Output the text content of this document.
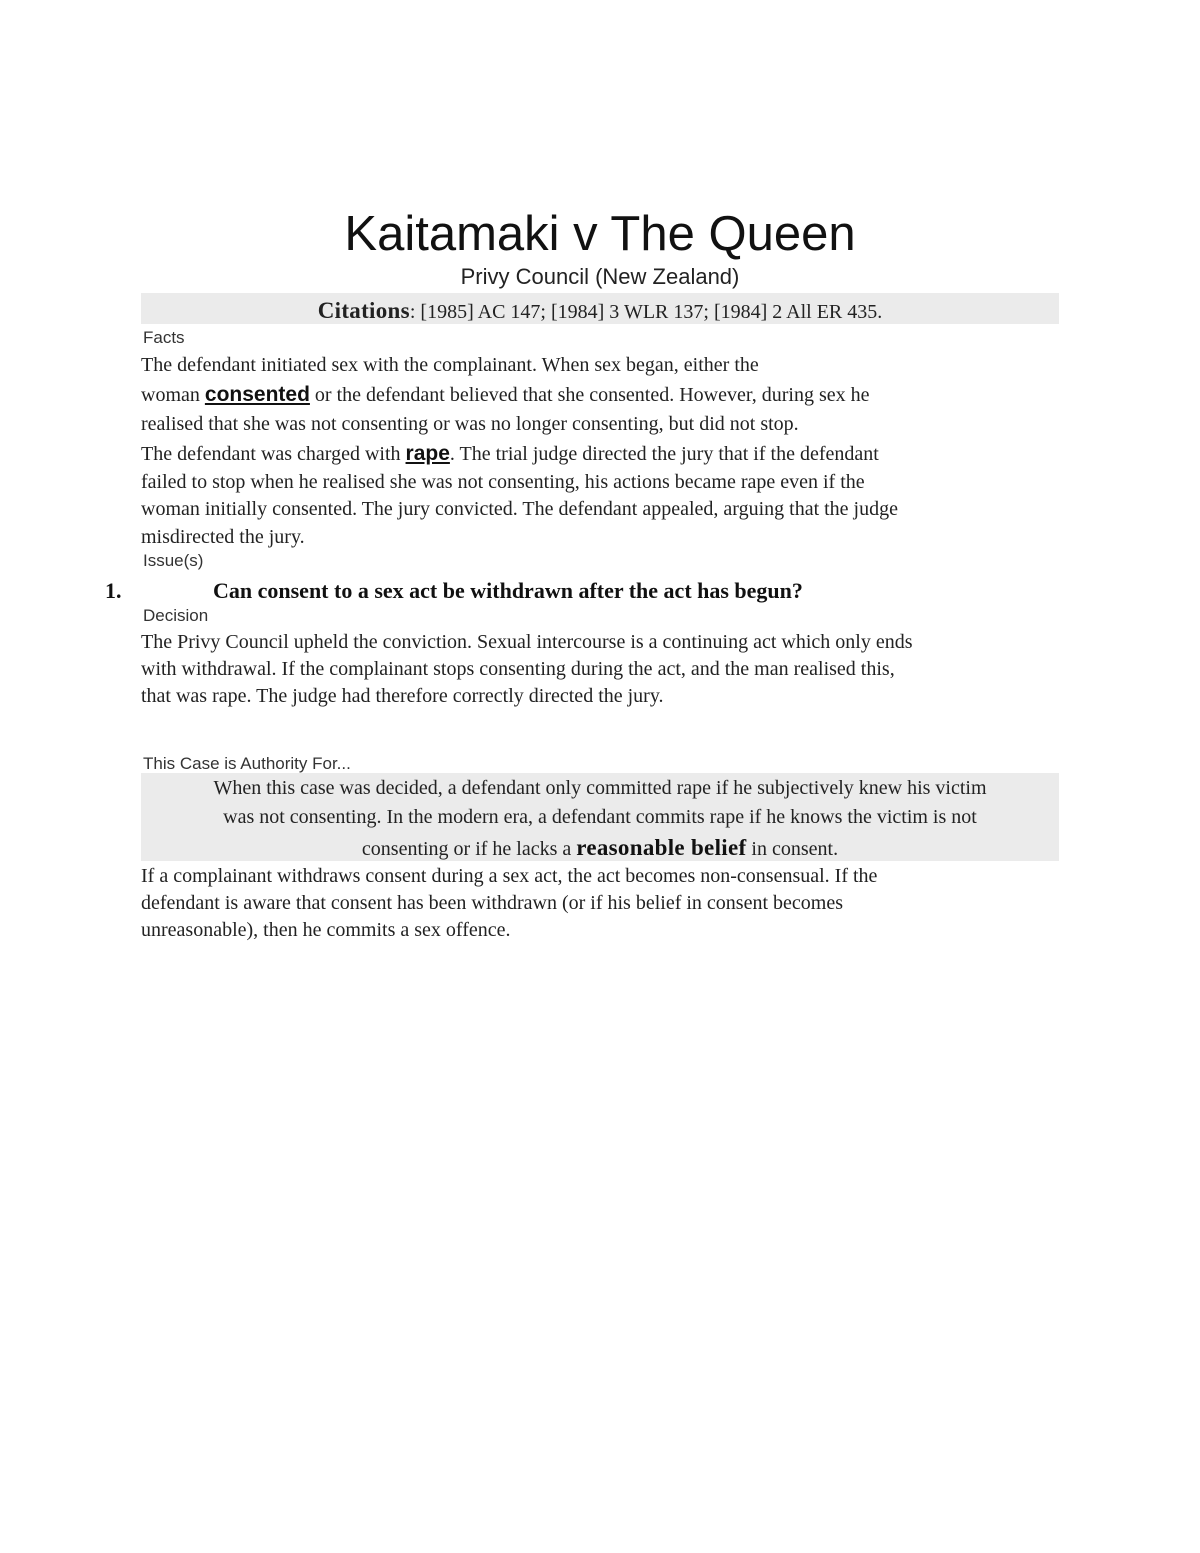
Kaitamaki v The Queen
Privy Council (New Zealand)
Citations: [1985] AC 147; [1984] 3 WLR 137; [1984] 2 All ER 435.
Facts
The defendant initiated sex with the complainant. When sex began, either the
woman consented or the defendant believed that she consented. However, during sex he
realised that she was not consenting or was no longer consenting, but did not stop.
The defendant was charged with rape. The trial judge directed the jury that if the defendant
failed to stop when he realised she was not consenting, his actions became rape even if the
woman initially consented. The jury convicted. The defendant appealed, arguing that the judge
misdirected the jury.
Issue(s)
1.	Can consent to a sex act be withdrawn after the act has begun?
Decision
The Privy Council upheld the conviction. Sexual intercourse is a continuing act which only ends
with withdrawal. If the complainant stops consenting during the act, and the man realised this,
that was rape. The judge had therefore correctly directed the jury.
This Case is Authority For...
When this case was decided, a defendant only committed rape if he subjectively knew his victim
was not consenting. In the modern era, a defendant commits rape if he knows the victim is not
consenting or if he lacks a reasonable belief in consent.
If a complainant withdraws consent during a sex act, the act becomes non-consensual. If the
defendant is aware that consent has been withdrawn (or if his belief in consent becomes
unreasonable), then he commits a sex offence.
